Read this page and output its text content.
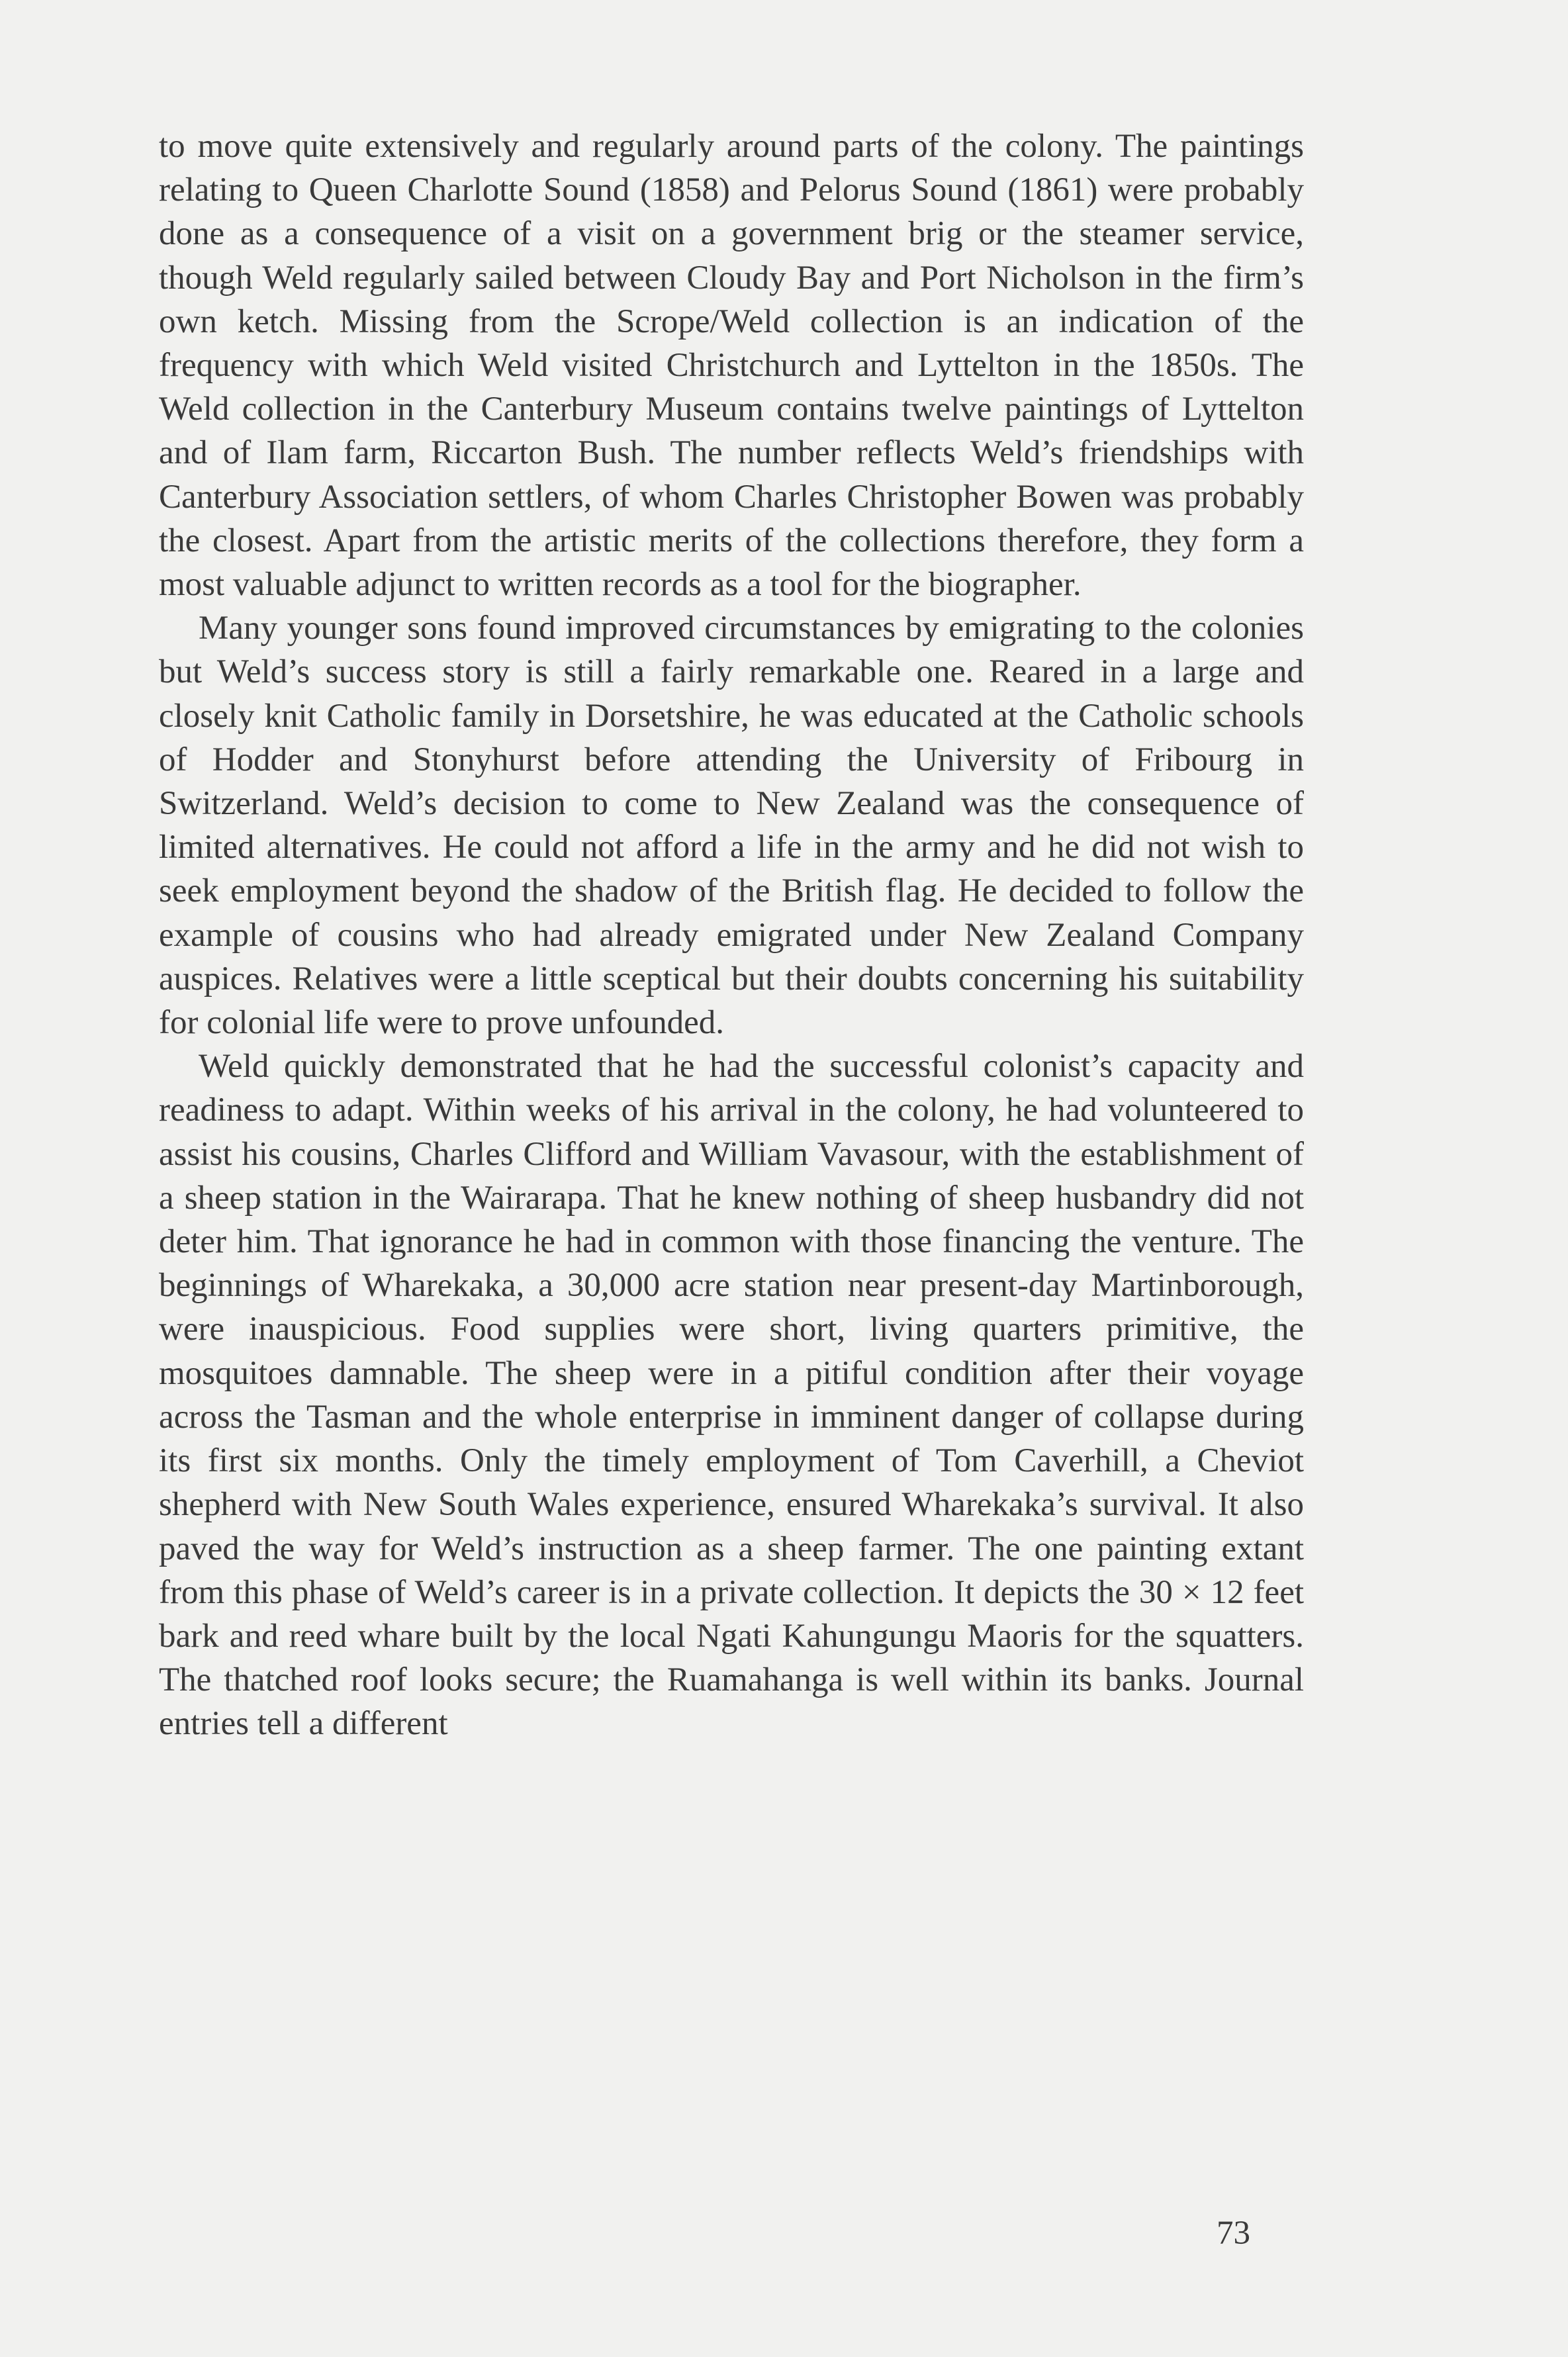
to move quite extensively and regularly around parts of the colony. The paintings relating to Queen Charlotte Sound (1858) and Pelorus Sound (1861) were probably done as a consequence of a visit on a government brig or the steamer service, though Weld regularly sailed between Cloudy Bay and Port Nicholson in the firm’s own ketch. Missing from the Scrope/Weld collection is an indication of the frequency with which Weld visited Christchurch and Lyttelton in the 1850s. The Weld collection in the Canterbury Museum contains twelve paintings of Lyttelton and of Ilam farm, Riccarton Bush. The number reflects Weld’s friendships with Canterbury Association settlers, of whom Charles Christopher Bowen was probably the closest. Apart from the artistic merits of the collections therefore, they form a most valuable adjunct to written records as a tool for the biographer.

Many younger sons found improved circumstances by emigrating to the colonies but Weld’s success story is still a fairly remarkable one. Reared in a large and closely knit Catholic family in Dorsetshire, he was educated at the Catholic schools of Hodder and Stonyhurst before attending the University of Fribourg in Switzerland. Weld’s decision to come to New Zealand was the consequence of limited alternatives. He could not afford a life in the army and he did not wish to seek employment beyond the shadow of the British flag. He decided to follow the example of cousins who had already emigrated under New Zealand Company auspices. Relatives were a little sceptical but their doubts concerning his suitability for colonial life were to prove unfounded.

Weld quickly demonstrated that he had the successful colonist’s capacity and readiness to adapt. Within weeks of his arrival in the colony, he had volunteered to assist his cousins, Charles Clifford and William Vavasour, with the establishment of a sheep station in the Wairarapa. That he knew nothing of sheep husbandry did not deter him. That ignorance he had in common with those financing the venture. The beginnings of Wharekaka, a 30,000 acre station near present-day Martinborough, were inauspicious. Food supplies were short, living quarters primitive, the mosquitoes damnable. The sheep were in a pitiful condition after their voyage across the Tasman and the whole enterprise in imminent danger of collapse during its first six months. Only the timely employment of Tom Caverhill, a Cheviot shepherd with New South Wales experience, ensured Wharekaka’s survival. It also paved the way for Weld’s instruction as a sheep farmer. The one painting extant from this phase of Weld’s career is in a private collection. It depicts the 30 × 12 feet bark and reed whare built by the local Ngati Kahungungu Maoris for the squatters. The thatched roof looks secure; the Ruamahanga is well within its banks. Journal entries tell a different

73
